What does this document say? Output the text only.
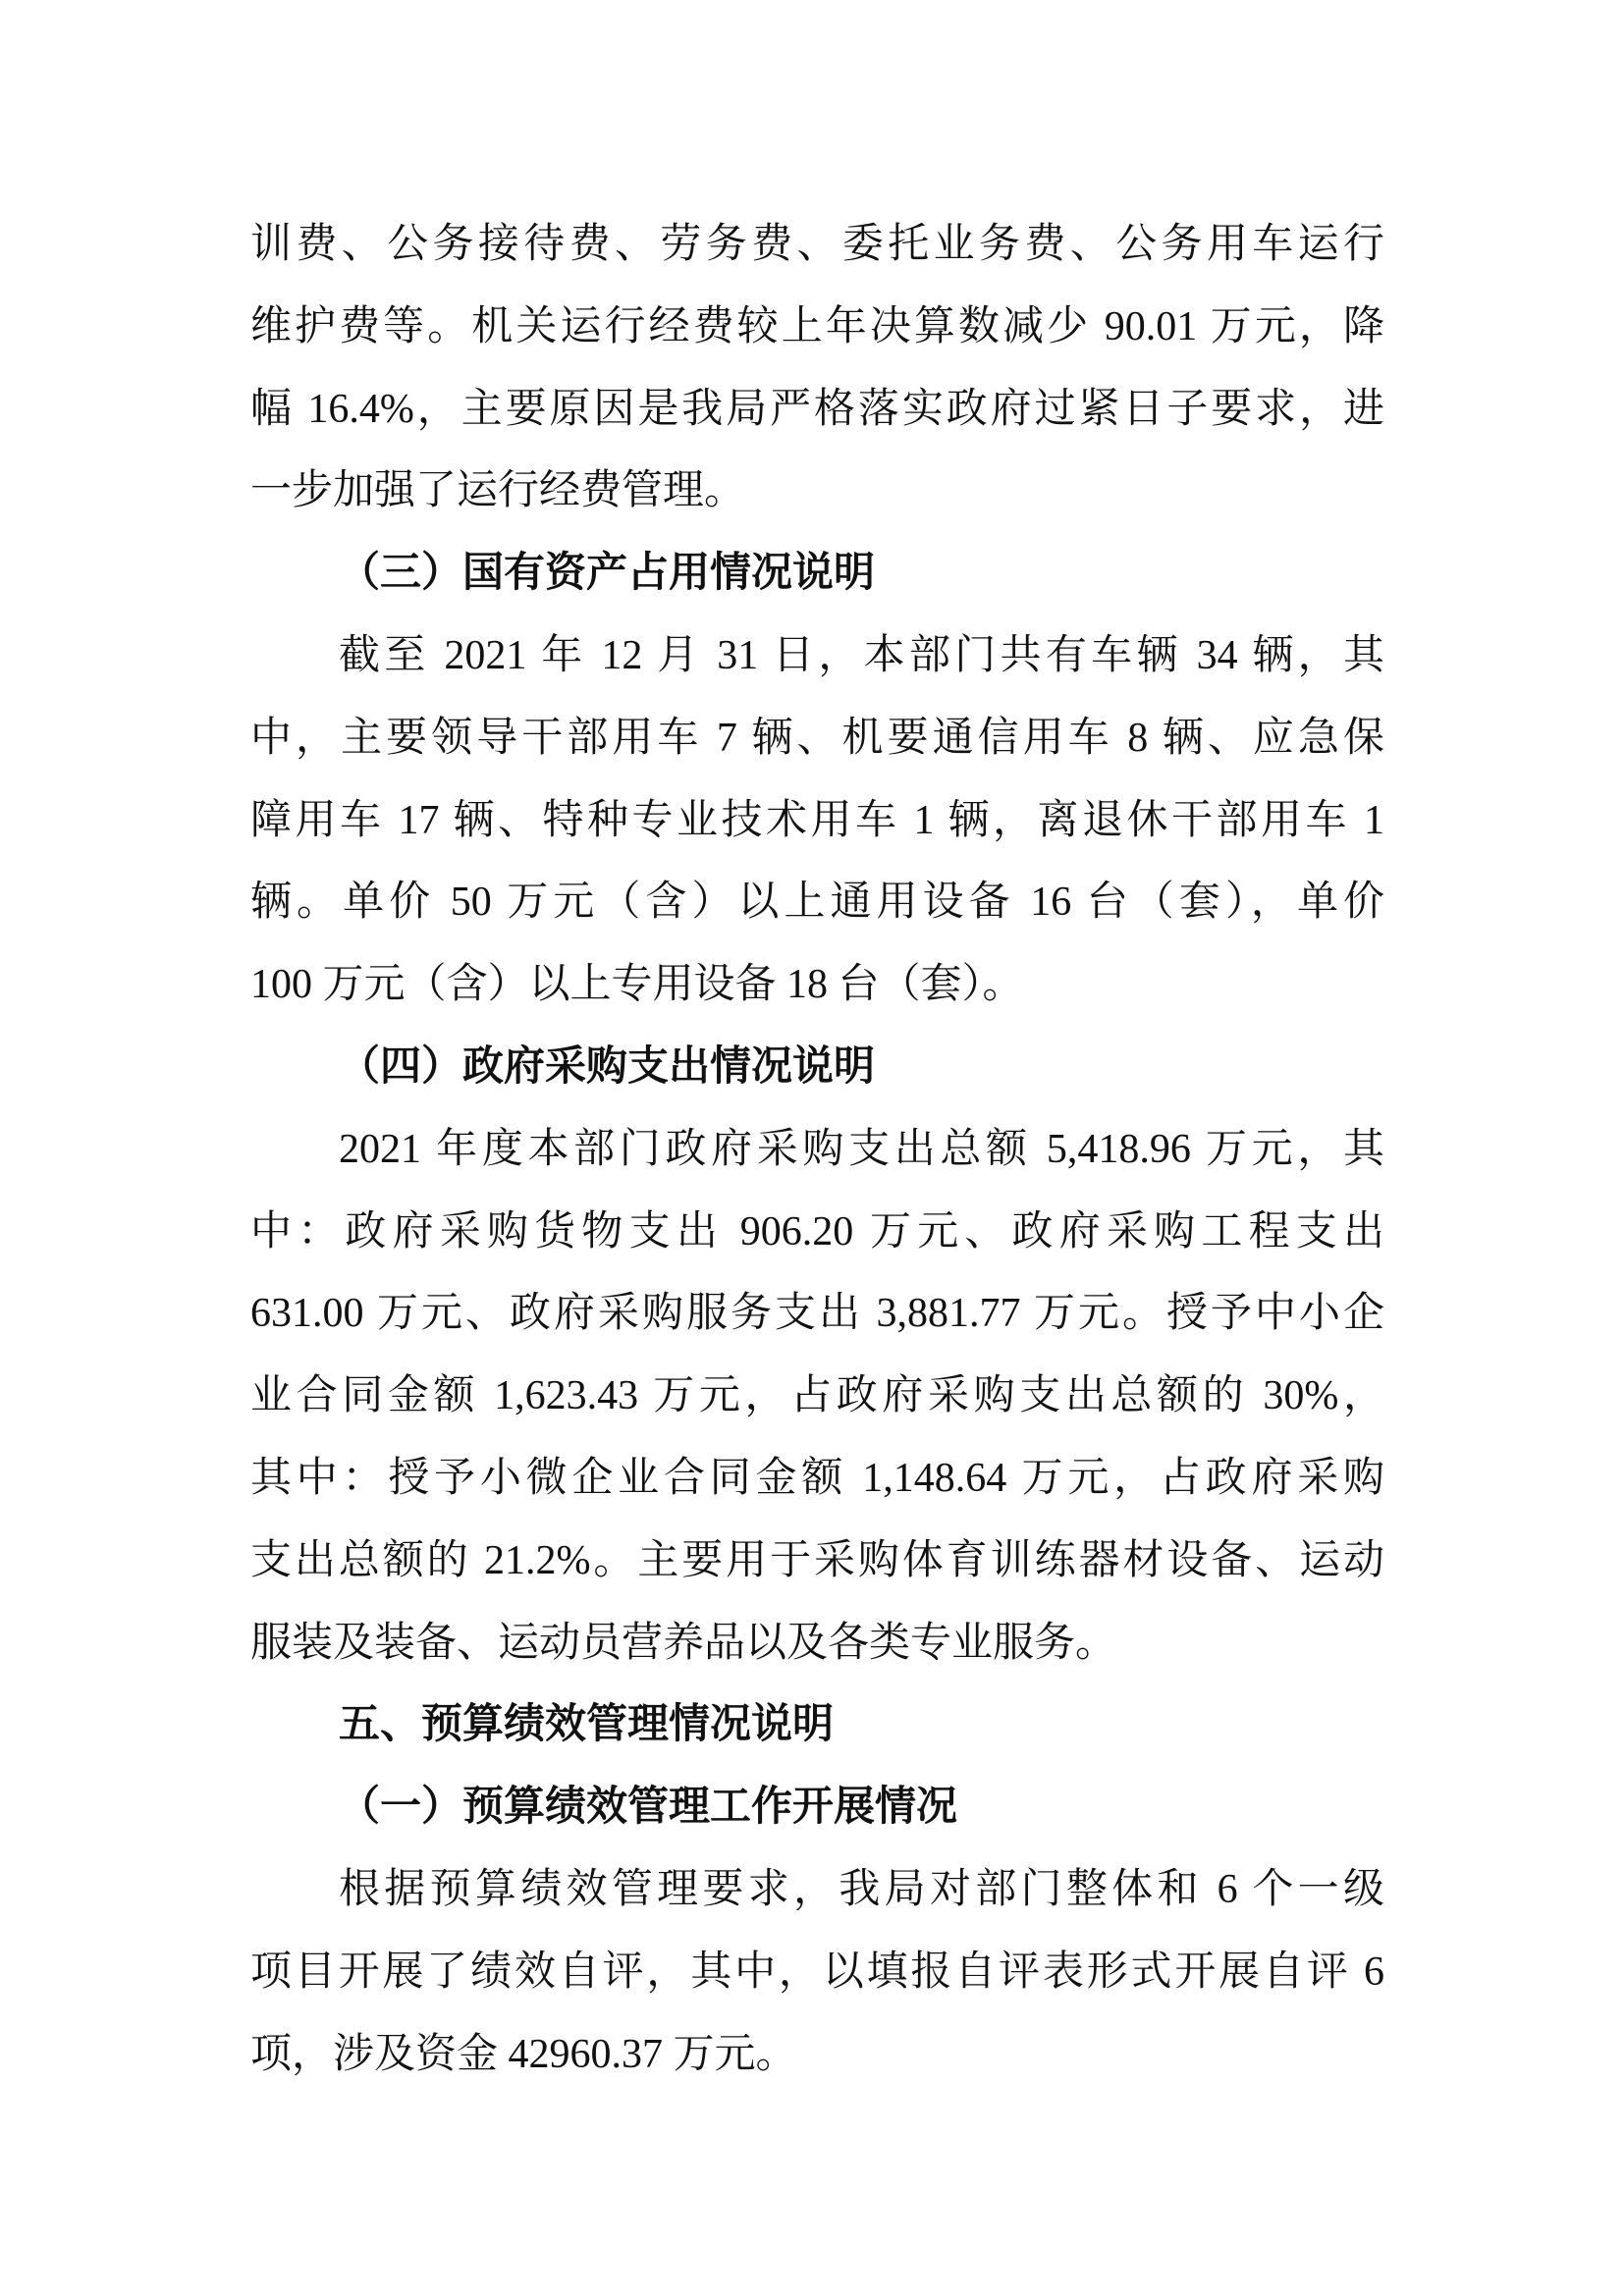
训费、公务接待费、劳务费、委托业务费、公务用车运行
维护费等。机关运行经费较上年决算数减少 90.01 万元，降
幅 16.4%，主要原因是我局严格落实政府过紧日子要求，进
一步加强了运行经费管理。
（三）国有资产占用情况说明
截至 2021 年 12 月 31 日，本部门共有车辆 34 辆，其
中，主要领导干部用车 7 辆、机要通信用车 8 辆、应急保
障用车 17 辆、特种专业技术用车 1 辆，离退休干部用车 1
辆。单价 50 万元（含）以上通用设备 16 台（套），单价
100 万元（含）以上专用设备 18 台（套）。
（四）政府采购支出情况说明
2021 年度本部门政府采购支出总额 5,418.96 万元，其
中：政府采购货物支出 906.20 万元、政府采购工程支出
631.00 万元、政府采购服务支出 3,881.77 万元。授予中小企
业合同金额 1,623.43 万元，占政府采购支出总额的 30%，
其中：授予小微企业合同金额 1,148.64 万元，占政府采购
支出总额的 21.2%。主要用于采购体育训练器材设备、运动
服装及装备、运动员营养品以及各类专业服务。
五、预算绩效管理情况说明
（一）预算绩效管理工作开展情况
根据预算绩效管理要求，我局对部门整体和 6 个一级
项目开展了绩效自评，其中，以填报自评表形式开展自评 6
项，涉及资金 42960.37 万元。
